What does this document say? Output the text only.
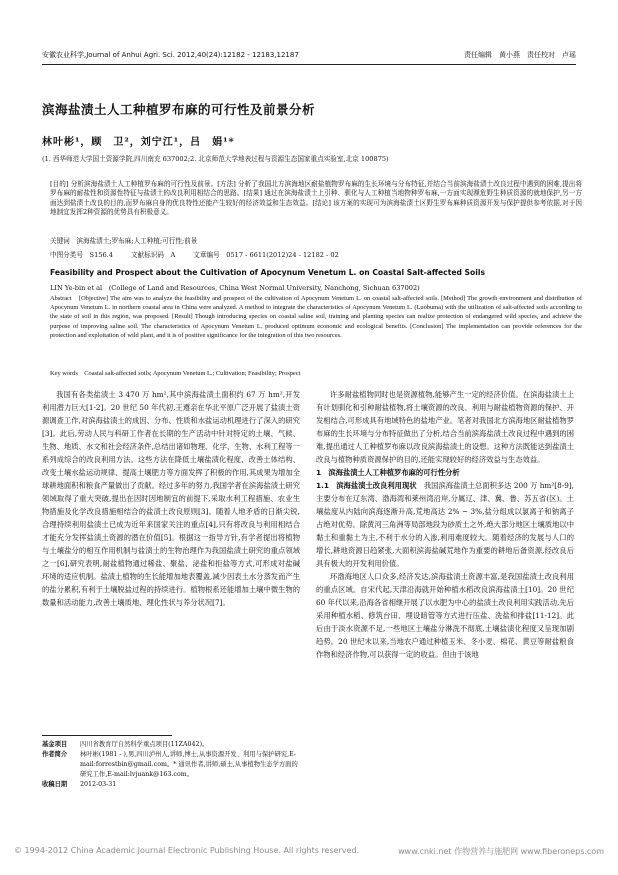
安徽农业科学,Journal of Anhui Agri. Sci. 2012,40(24):12182 - 12183,12187	责任编辑　黄小燕　责任校对　卢瑶
滨海盐渍土人工种植罗布麻的可行性及前景分析
林叶彬¹，顾　卫²，刘宁江¹，吕　娟¹*
(1. 西华师范大学国土资源学院,四川南充 637002;2. 北京师范大学地表过程与资源生态国家重点实验室,北京 100875)
[目的] 分析滨海盐渍土人工种植罗布麻的可行性及前景。[方法] 分析了我国北方滨海地区耐盐植物罗布麻的生长环境与分布特征,并结合当前滨海盐渍土改良过程中遇到的困难,提出将罗布麻的耐盐性和资源性特征与盐渍土的改良利用相结合的思路。[结果] 通过在滨海盐渍土上引种、驯化与人工种植当地物种罗布麻,一方面实现濒危野生种质资源的就地保护,另一方面达到盐渍土改良的目的,而罗布麻自身的优良特性还能产生较好的经济效益和生态效益。[结论] 该方案的实现可为滨海盐渍土区野生罗布麻种质资源开发与保护提供参考依据,对于因地制宜发挥2种资源的优势具有积极意义。
关键词　滨海盐渍土;罗布麻;人工种植;可行性;前景
中图分类号　S156.4	文献标识码　A	文章编号　0517 - 6611(2012)24 - 12182 - 02
Feasibility and Prospect about the Cultivation of Apocynum Venetum L. on Coastal Salt-affected Soils
LIN Ye-bin et al　(College of Land and Resources, China West Normal University, Nanchong, Sichuan 637002)
Abstract　[Objective] The aim was to analyze the feasibility and prospect of the cultivation of Apocynum Venetum L. on coastal salt-affected soils. [Method] The growth environment and distribution of Apocynum Venetum L. in northern coastal area in China were analyzed. A method to integrate the characteristics of Apocynum Venetum L. (Luobuma) with the utilization of salt-affected soils according to the state of soil in this region, was proposed. [Result] Though introducing species on coastal saline soil, training and planting species can realize protection of endangered wild species, and achieve the purpose of improving saline soil. The characteristics of Apocynum Venetum L. produced optimum economic and ecological benefits. [Conclusion] The implementation can provide references for the protection and exploitation of wild plant, and it is of positive significance for the integration of this two resources.
Key words　Coastal salt-affected soils; Apocynum Venetum L.; Cultivation; Feasibility; Prospect

我国有各类盐渍土 3 470 万 hm²,其中滨海盐渍土面积约 67 万 hm²,开发利用潜力巨大[1-2]。20 世纪 50 年代初,王遵亲在华北平原广泛开展了盐渍土资源调查工作,对滨海盐渍土的成因、分布、性质和水盐运动机理进行了深入的研究[3]。此后,劳动人民与科研工作者在长期的生产活动中针对特定的土壤、气候、生物、地质、水文和社会经济条件,总结出诸如物理、化学、生物、水利工程等一系列成综合的改良利用方法。这些方法在降低土壤盐渍化程度、改善土体结构、改变土壤水盐运动规律、提高土壤肥力等方面发挥了积极的作用,其成果为增加全球耕地面积和粮食产量做出了贡献。经过多年的努力,我国学者在滨海盐渍土研究领域取得了重大突破,提出在因时因地制宜的前提下,采取水利工程措施、农业生物措施及化学改良措施相结合的盐渍土改良原则[3]。随着人地矛盾的日渐尖锐,合理持续利用盐渍土已成为近年来国家关注的重点[4],只有将改良与利用相结合才能充分发挥盐渍土资源的潜在价值[5]。根据这一指导方针,有学者提出将植物与土壤盐分的相互作用机制与盐渍土的生物治理作为我国盐渍土研究的重点领域之一[6],研究表明,耐盐植物通过稀盐、聚盐、泌盐和拒盐等方式,可形成对盐碱环境的适应机制。盐渍土植物的生长能增加地表覆盖,减少因表土水分蒸发而产生的盐分累积,有利于土壤脱盐过程的持续进行。植物根系还能增加土壤中微生物的数量和活动能力,改善土壤质地、理化性状与养分状况[7]。

许多耐盐植物同时也是资源植物,能够产生一定的经济价值。在滨海盐渍土上有计划驯化和引种耐盐植物,将土壤资源的改良、利用与耐盐植物资源的保护、开发相结合,可形成具有地域特色的盐地产业。笔者对我国北方滨海地区耐盐植物罗布麻的生长环境与分布特征做出了分析,结合当前滨海盐渍土改良过程中遇到的困难,提出通过人工种植罗布麻以改良滨海盐渍土的设想。这种方法既能达到盐渍土改良与植物种质资源保护的目的,还能实现较好的经济效益与生态效益。

1　滨海盐渍土人工种植罗布麻的可行性分析

1.1　滨海盐渍土改良利用现状　 我国滨海盐渍土总面积多达 200 万 hm²[8-9],主要分布在辽东湾、渤海湾和莱州湾沿岸,分属辽、津、冀、鲁、苏五省(区)。土壤盐度从内陆向滨海逐渐升高,荒地高达 2% ~ 3%,盐分组成以氯离子和钠离子占绝对优势。除黄河三角洲等局部地段为砂质土之外,绝大部分地区土壤质地以中黏土和重黏土为主,不利于水分的入渗,利用难度较大。随着经济的发展与人口的增长,耕地资源日趋紧张,大面积滨海盐碱荒地作为重要的耕地后备资源,经改良后具有极大的开发利用价值。

环渤海地区人口众多,经济发达,滨海盐渍土资源丰富,是我国盐渍土改良利用的重点区域。自宋代起,天津沿海就开始种植水稻改良滨海盐渍土[10]。20 世纪 60 年代以来,沿海各省相继开展了以水肥为中心的盐渍土改良利用实践活动,先后采用种植水稻、修筑台田、埋设暗管等方式进行压盐、洗盐和排盐[11-12]。此后由于淡水资源不足,一些地区土壤盐分淋洗不彻底,土壤盐渍化程度又呈现加剧趋势。20 世纪末以来,当地农户通过种植玉米、冬小麦、棉花、黄豆等耐盐粮食作物和经济作物,可以获得一定的收益。但由于该地

基金项目	四川省教育厅自然科学重点项目(11ZA042)。
作者简介	林叶彬(1981 - ),男,四川泸州人,讲师,博士,从事资源开发、利用与保护研究,E-mail:forrestbin@gmail.com。* 通讯作者,讲师,硕士,从事植物生态学方面的研究工作,E-mail:lvjuank@163.com。
收稿日期	2012-03-31
© 1994-2012 China Academic Journal Electronic Publishing House. All rights reserved.	www.cnki.net 作物营养与施肥网 www.fiberoneps.com
